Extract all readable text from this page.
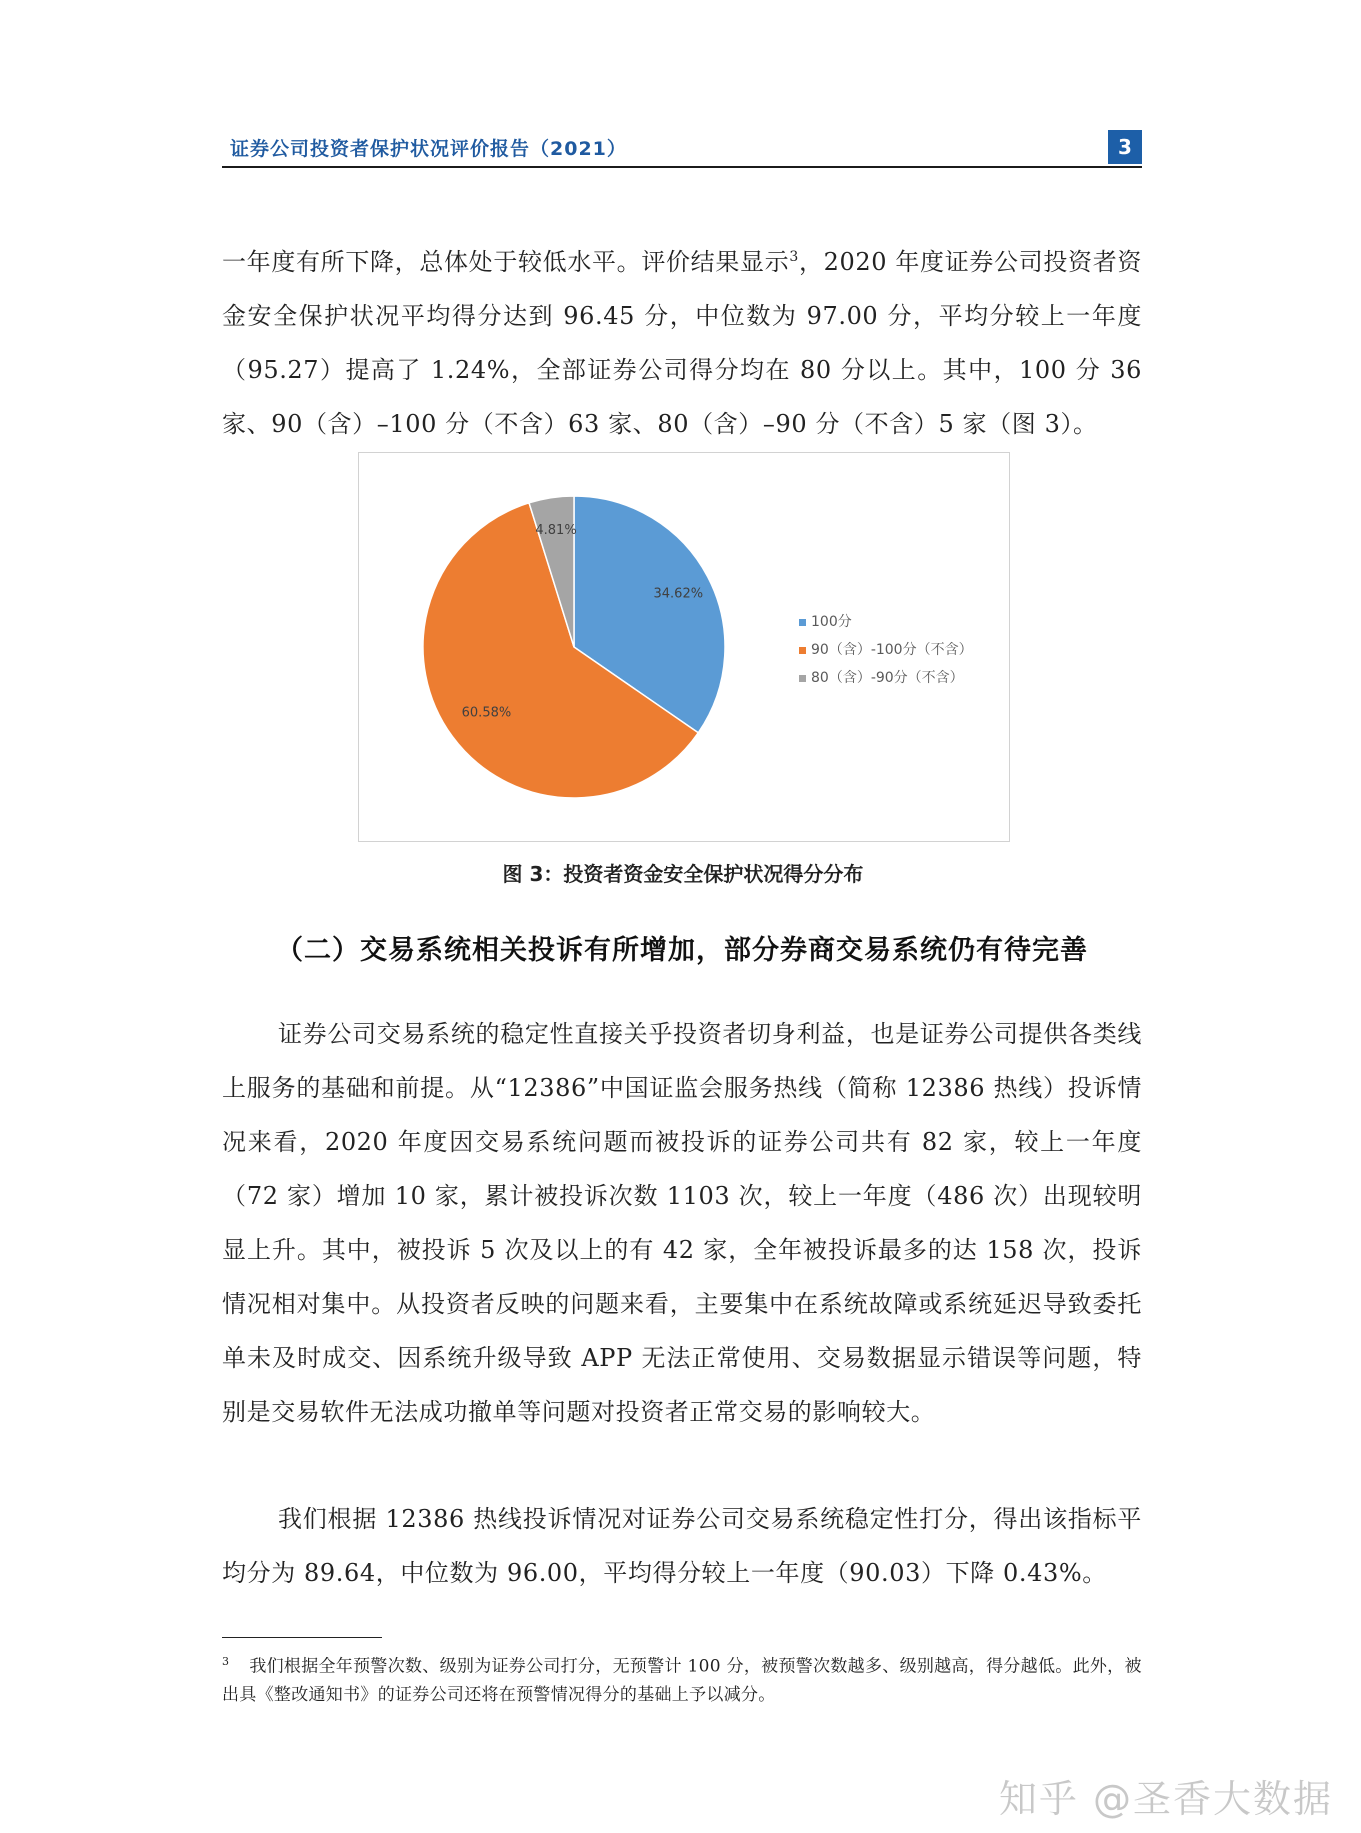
证券公司投资者保护状况评价报告（2021）	3

一年度有所下降，总体处于较低水平。评价结果显示$^3$，2020 年度证券公司投资者资金安全保护状况平均得分达到 96.45 分，中位数为 97.00 分，平均分较上一年度（95.27）提高了 1.24%，全部证券公司得分均在 80 分以上。其中，100 分 36 家、90（含）–100 分（不含）63 家、80（含）–90 分（不含）5 家（图 3）。

34.62%
60.58%
4.81%
100分
90（含）-100分（不含）
80（含）-90分（不含）
图 3：投资者资金安全保护状况得分分布
（二）交易系统相关投诉有所增加，部分券商交易系统仍有待完善

证券公司交易系统的稳定性直接关乎投资者切身利益，也是证券公司提供各类线上服务的基础和前提。从“12386”中国证监会服务热线（简称 12386 热线）投诉情况来看，2020 年度因交易系统问题而被投诉的证券公司共有 82 家，较上一年度（72 家）增加 10 家，累计被投诉次数 1103 次，较上一年度（486 次）出现较明显上升。其中，被投诉 5 次及以上的有 42 家，全年被投诉最多的达 158 次，投诉情况相对集中。从投资者反映的问题来看，主要集中在系统故障或系统延迟导致委托单未及时成交、因系统升级导致 APP 无法正常使用、交易数据显示错误等问题，特别是交易软件无法成功撤单等问题对投资者正常交易的影响较大。

我们根据 12386 热线投诉情况对证券公司交易系统稳定性打分，得出该指标平均分为 89.64，中位数为 96.00，平均得分较上一年度（90.03）下降 0.43%。

$^3$ 我们根据全年预警次数、级别为证券公司打分，无预警计 100 分，被预警次数越多、级别越高，得分越低。此外，被出具《整改通知书》的证券公司还将在预警情况得分的基础上予以减分。
知乎 @圣香大数据
